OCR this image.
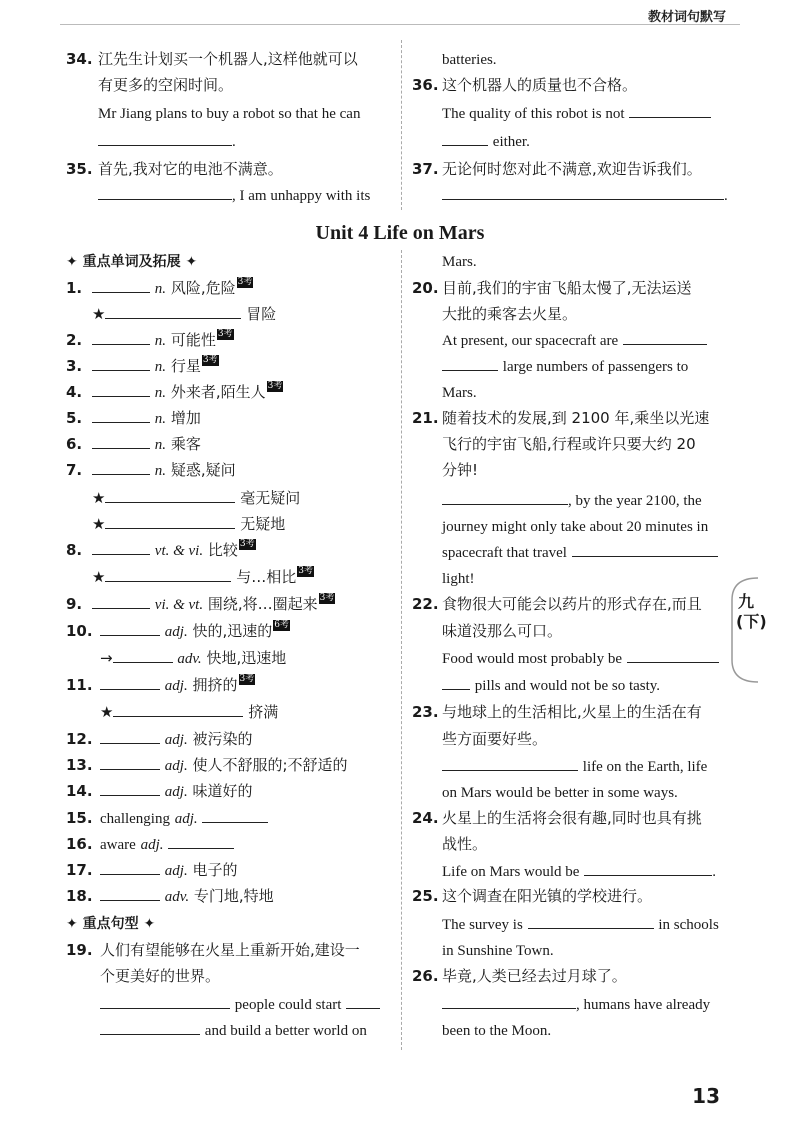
教材词句默写
34. 江先生计划买一个机器人,这样他就可以
有更多的空闲时间。
Mr Jiang plans to buy a robot so that he can
.
35. 首先,我对它的电池不满意。
, I am unhappy with its
batteries.
36. 这个机器人的质量也不合格。
The quality of this robot is not
either.
37. 无论何时您对此不满意,欢迎告诉我们。
.
Unit 4 Life on Mars
✦ 重点单词及拓展 ✦
1.	n. 风险,危险 3考
★	冒险
2.	n. 可能性 3考
3.	n. 行星 3考
4.	n. 外来者,陌生人 3考
5.	n. 增加
6.	n. 乘客
7.	n. 疑惑,疑问
★	毫无疑问
★	无疑地
8.	vt. & vi. 比较 3考
★	与…相比 3考
9.	vi. & vt. 围绕,将…圈起来 3考
10.	adj. 快的,迅速的 6考
→	adv. 快地,迅速地
11.	adj. 拥挤的 3考
★	挤满
12.	adj. 被污染的
13.	adj. 使人不舒服的;不舒适的
14.	adj. 味道好的
15. challenging adj.
16. aware adj.
17.	adj. 电子的
18.	adv. 专门地,特地
✦ 重点句型 ✦
19. 人们有望能够在火星上重新开始,建设一
个更美好的世界。
people could start
and build a better world on
Mars.
20. 目前,我们的宇宙飞船太慢了,无法运送
大批的乘客去火星。
At present, our spacecraft are
large numbers of passengers to
Mars.
21. 随着技术的发展,到 2100 年,乘坐以光速
飞行的宇宙飞船,行程或许只要大约 20
分钟!
, by the year 2100, the
journey might only take about 20 minutes in
spacecraft that travel
light!
22. 食物很大可能会以药片的形式存在,而且
味道没那么可口。
Food would most probably be
pills and would not be so tasty.
23. 与地球上的生活相比,火星上的生活在有
些方面要好些。
life on the Earth, life
on Mars would be better in some ways.
24. 火星上的生活将会很有趣,同时也具有挑
战性。
Life on Mars would be	.
25. 这个调查在阳光镇的学校进行。
The survey is	in schools
in Sunshine Town.
26. 毕竟,人类已经去过月球了。
, humans have already
been to the Moon.
九(下)
13
